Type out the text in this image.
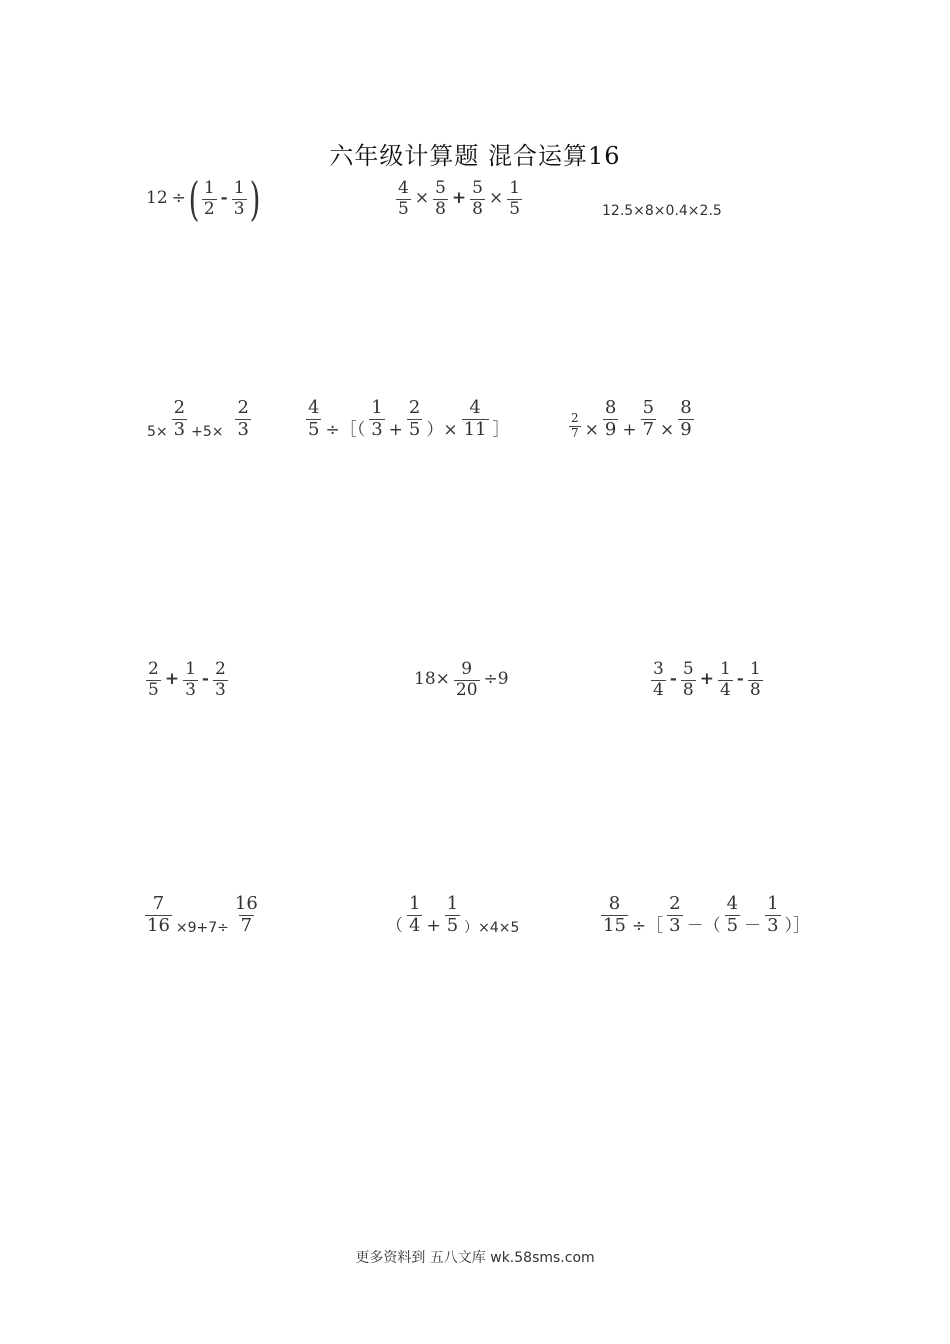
六年级计算题 混合运算16
12 ÷ ( $\frac{1}{2} - \frac{1}{3}$ )	$\frac{4}{5} \times \frac{5}{8} + \frac{5}{8} \times \frac{1}{5}$	12.5×8×0.4×2.5
$5\times \frac{2}{3} +5\times \frac{2}{3}$	$\frac{4}{5}$ ÷［（ $\frac{1}{3} + \frac{2}{5}$ ）× $\frac{4}{11}$ ］	$\frac{2}{7} \times \frac{8}{9} + \frac{5}{7} \times \frac{8}{9}$
$\frac{2}{5} + \frac{1}{3} - \frac{2}{3}$	$18\times \frac{9}{20} \div 9$	$\frac{3}{4} - \frac{5}{8} + \frac{1}{4} - \frac{1}{8}$
$\frac{7}{16} \times 9+7\div \frac{16}{7}$	（ $\frac{1}{4} + \frac{1}{5} )\times 4\times 5$	$\frac{8}{15}$ ÷［ $\frac{2}{3}$ －（ $\frac{4}{5} - \frac{1}{3}$ ）］
更多资料到 五八文库 wk.58sms.com
